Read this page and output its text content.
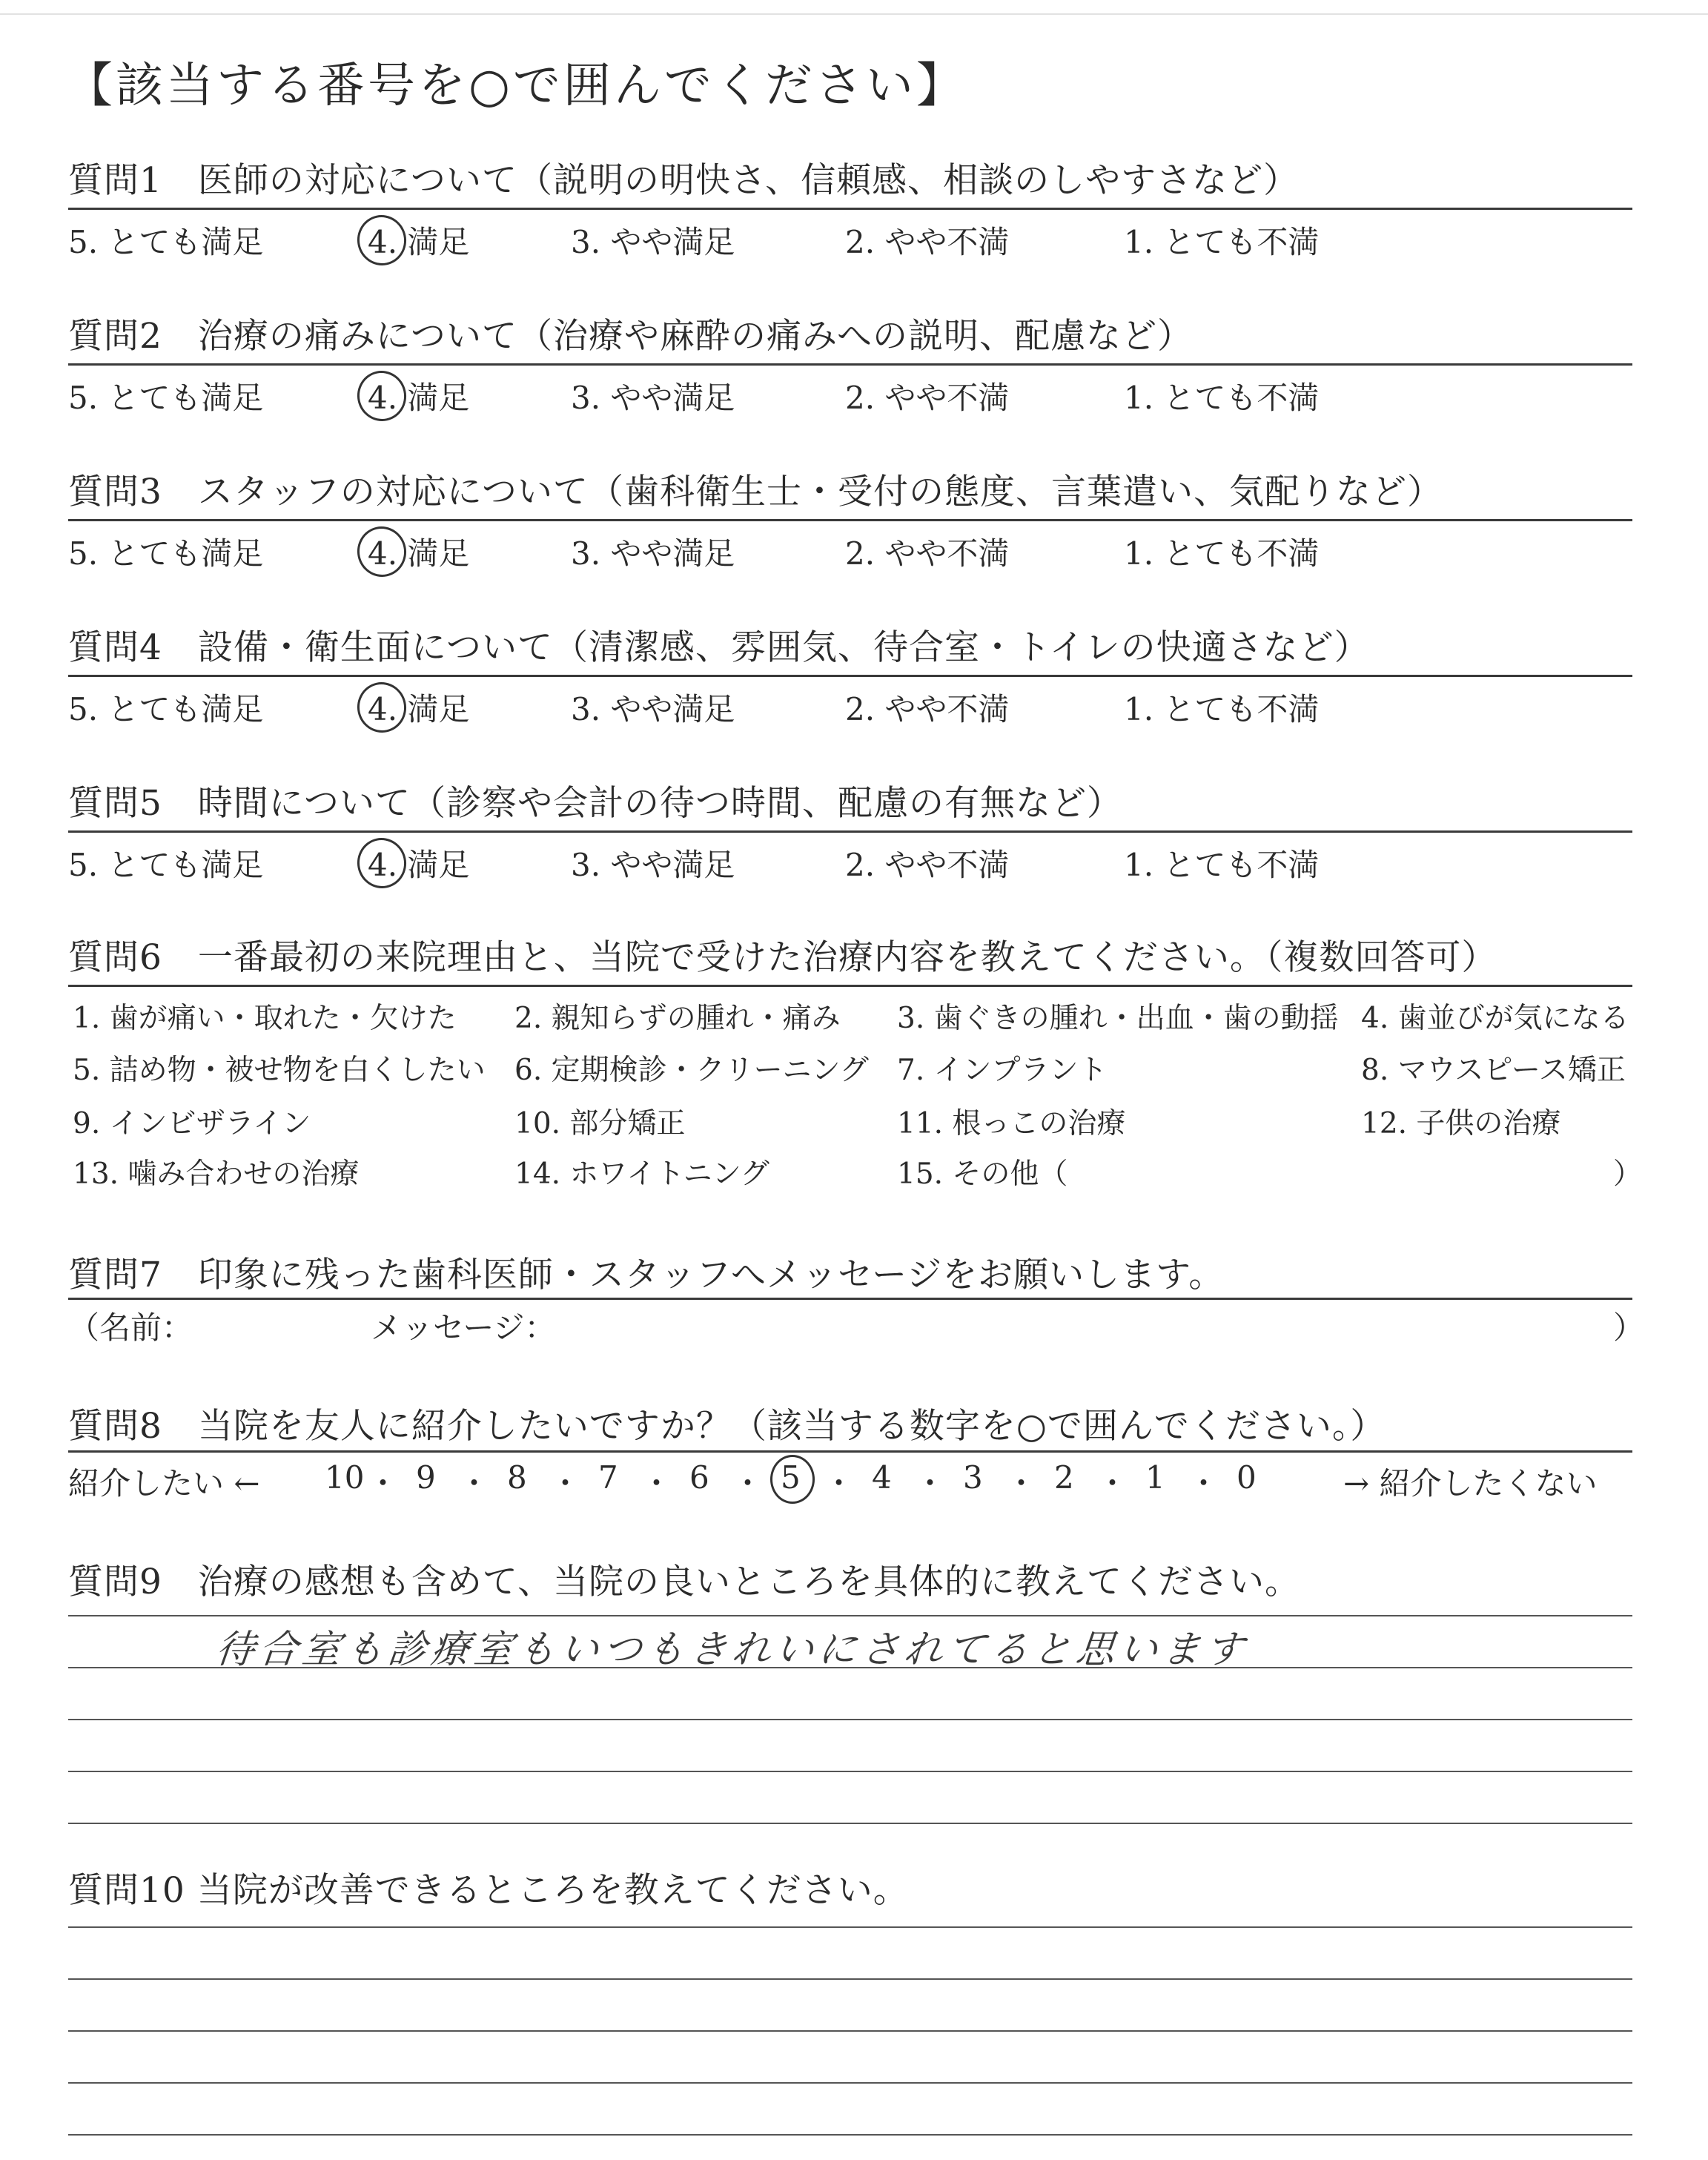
【該当する番号を○で囲んでください】
質問1　医師の対応について（説明の明快さ、信頼感、相談のしやすさなど）
5. とても満足	4. 満足	3. やや満足	2. やや不満	1. とても不満
質問2　治療の痛みについて（治療や麻酔の痛みへの説明、配慮など）
5. とても満足	4. 満足	3. やや満足	2. やや不満	1. とても不満
質問3　スタッフの対応について（歯科衛生士・受付の態度、言葉遣い、気配りなど）
5. とても満足	4. 満足	3. やや満足	2. やや不満	1. とても不満
質問4　設備・衛生面について（清潔感、雰囲気、待合室・トイレの快適さなど）
5. とても満足	4. 満足	3. やや満足	2. やや不満	1. とても不満
質問5　時間について（診察や会計の待つ時間、配慮の有無など）
5. とても満足	4. 満足	3. やや満足	2. やや不満	1. とても不満
質問6　一番最初の来院理由と、当院で受けた治療内容を教えてください。（複数回答可）
1. 歯が痛い・取れた・欠けた 2. 親知らずの腫れ・痛み 3. 歯ぐきの腫れ・出血・歯の動揺 4. 歯並びが気になる
5. 詰め物・被せ物を白くしたい 6. 定期検診・クリーニング 7. インプラント	8. マウスピース矯正
9. インビザライン	10. 部分矯正	11. 根っこの治療	12. 子供の治療
13. 噛み合わせの治療	14. ホワイトニング	15. その他（	）
質問7　印象に残った歯科医師・スタッフへメッセージをお願いします。
（名前：	メッセージ：	）
質問8　当院を友人に紹介したいですか？（該当する数字を○で囲んでください。）
紹介したい ←	→ 紹介したくない
10 ・ 9 ・ 8 ・ 7 ・ 6 ・ 5 ・ 4 ・ 3 ・ 2 ・ 1 ・ 0
質問9　治療の感想も含めて、当院の良いところを具体的に教えてください。
待合室も診療室もいつもきれいにされてると思います
質問10 当院が改善できるところを教えてください。
